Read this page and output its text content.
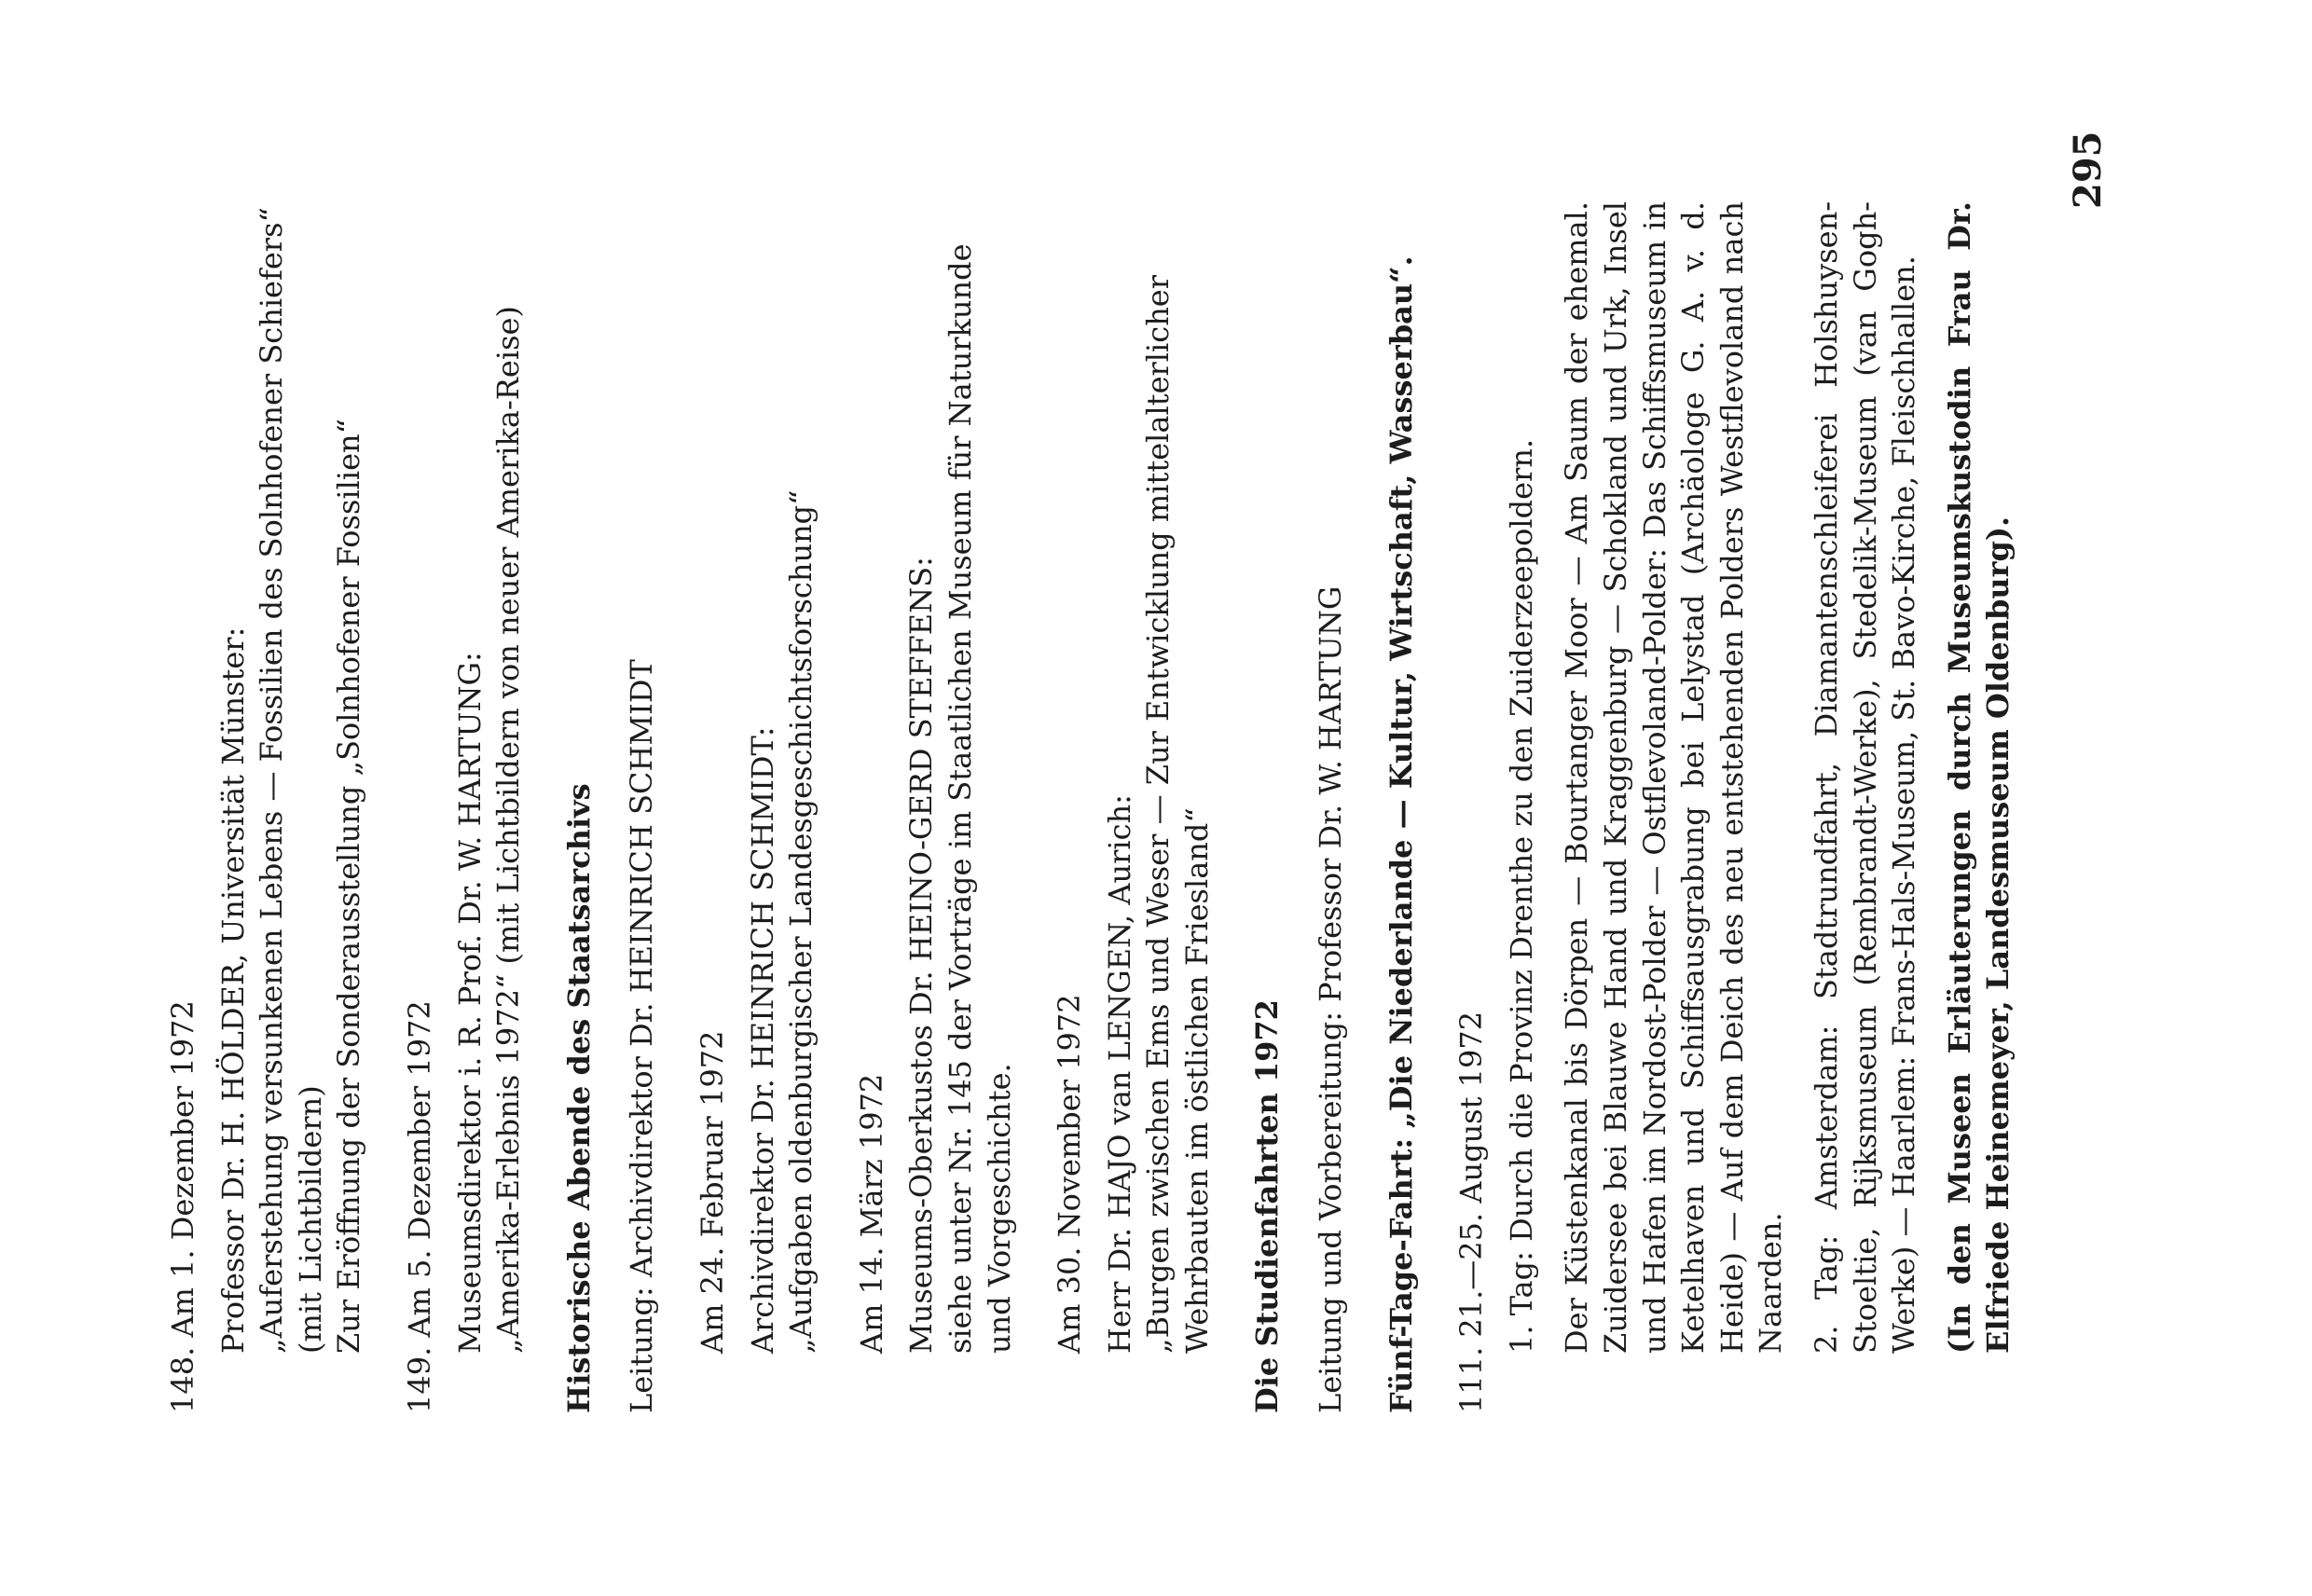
148. Am 1. Dezember 1972 Professor Dr. H. HÖLDER, Universität Münster: „Auferstehung versunkenen Lebens — Fossilien des Solnhofener Schiefers“ (mit Lichtbildern) Zur Eröffnung der Sonderausstellung „Solnhofener Fossilien“
149. Am 5. Dezember 1972 Museumsdirektor i. R. Prof. Dr. W. HARTUNG: „Amerika-Erlebnis 1972“ (mit Lichtbildern von neuer Amerika-Reise) Historische Abende des Staatsarchivs Leitung: Archivdirektor Dr. HEINRICH SCHMIDT Am 24. Februar 1972 Archivdirektor Dr. HEINRICH SCHMIDT: „Aufgaben oldenburgischer Landesgeschichtsforschung“ Am 14. März 1972 Museums-Oberkustos Dr. HEINO-GERD STEFFENS: siehe unter Nr. 145 der Vorträge im Staatlichen Museum für Naturkunde und Vorgeschichte. Am 30. November 1972 Herr Dr. HAJO van LENGEN, Aurich: „Burgen zwischen Ems und Weser — Zur Entwicklung mittelalterlicher Wehrbauten im östlichen Friesland“ Die Studienfahrten 1972 Leitung und Vorbereitung: Professor Dr. W. HARTUNG Fünf-Tage-Fahrt: „Die Niederlande — Kultur, Wirtschaft, Wasserbau“.
111. 21.—25. August 1972 1. Tag: Durch die Provinz Drenthe zu den Zuiderzeepoldern. Der Küstenkanal bis Dörpen — Bourtanger Moor — Am Saum der ehemal. Zuidersee bei Blauwe Hand und Kraggenburg — Schokland und Urk, Insel und Hafen im Nordost-Polder — Ostflevoland-Polder: Das Schiffsmuseum in Ketelhaven und Schiffsausgrabung bei Lelystad (Archäologe G. A. v. d. Heide) — Auf dem Deich des neu entstehenden Polders Westflevoland nach Naarden. 2. Tag: Amsterdam: Stadtrundfahrt, Diamantenschleiferei Holshuysen-Stoeltie, Rijksmuseum (Rembrandt-Werke), Stedelik-Museum (van Gogh-Werke) — Haarlem: Frans-Hals-Museum, St. Bavo-Kirche, Fleischhallen. (In den Museen Erläuterungen durch Museumskustodin Frau Dr. Elfriede Heinemeyer, Landesmuseum Oldenburg).
295
